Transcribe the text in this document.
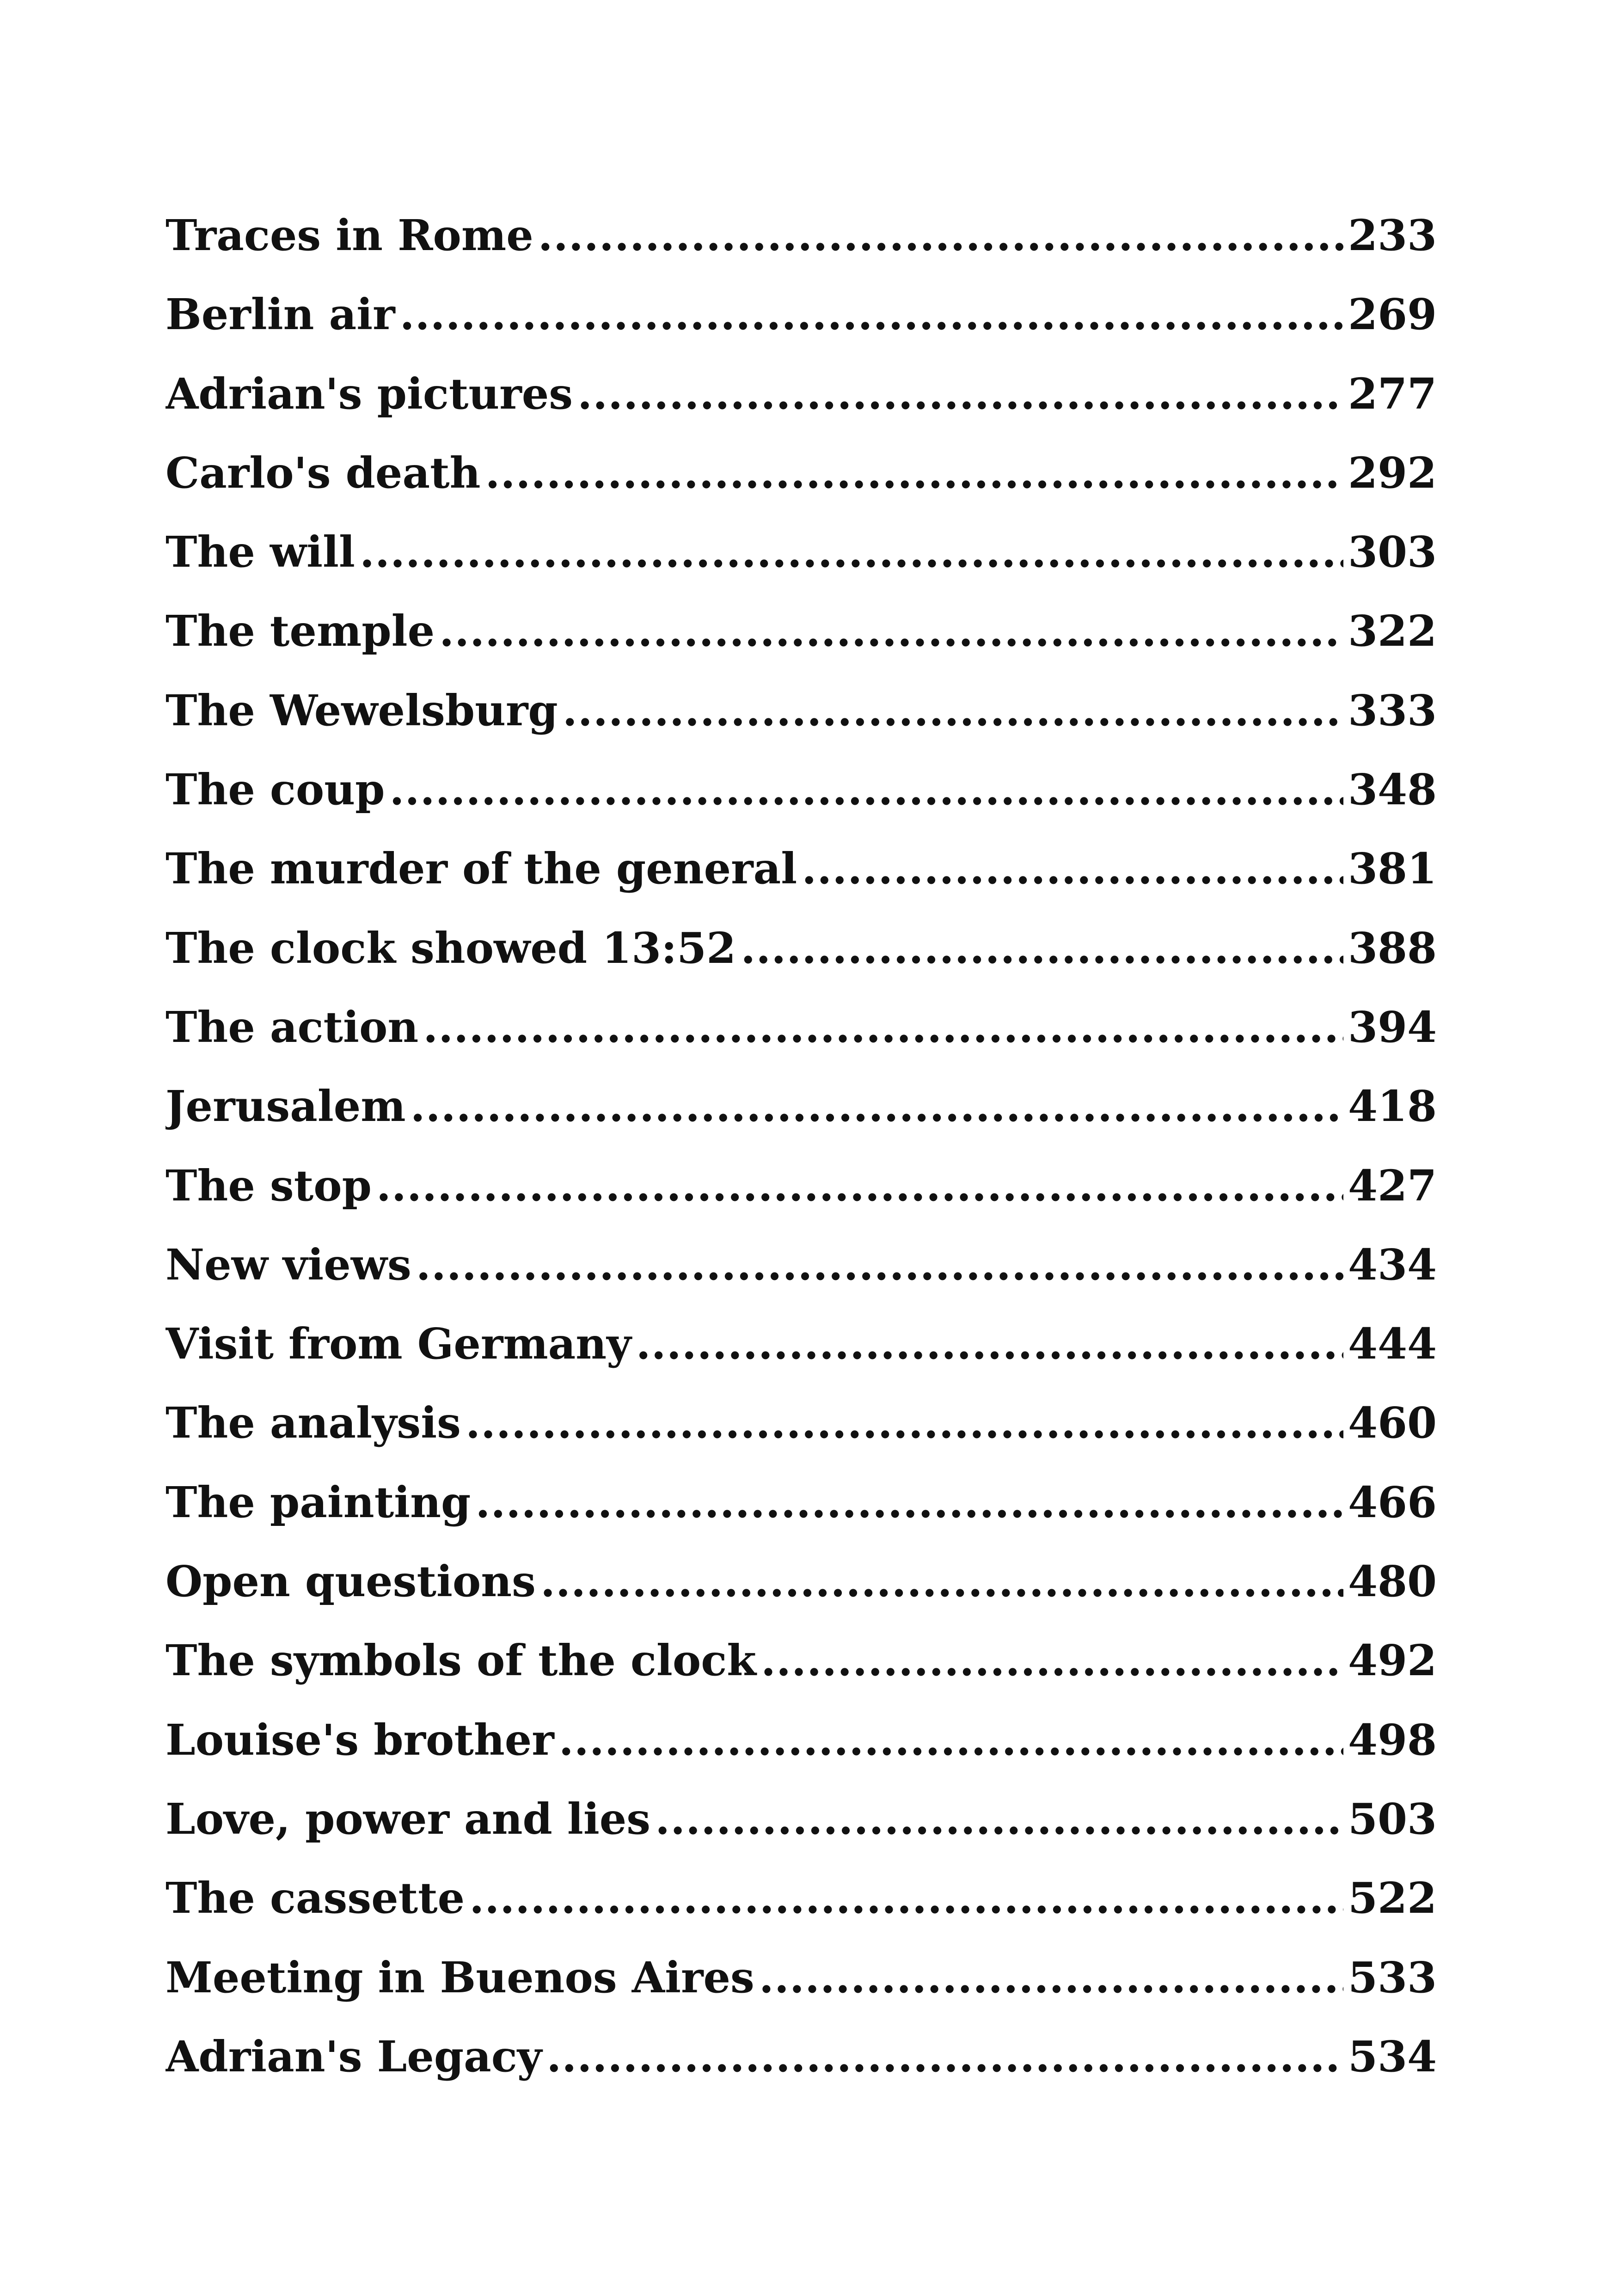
Traces in Rome .....	233
Berlin air .....	269
Adrian's pictures .....	277
Carlo's death .....	292
The will .....	303
The temple .....	322
The Wewelsburg .....	333
The coup .....	348
The murder of the general .....	381
The clock showed 13:52 .....	388
The action .....	394
Jerusalem .....	418
The stop .....	427
New views .....	434
Visit from Germany .....	444
The analysis .....	460
The painting .....	466
Open questions .....	480
The symbols of the clock .....	492
Louise's brother .....	498
Love, power and lies .....	503
The cassette .....	522
Meeting in Buenos Aires .....	533
Adrian's Legacy .....	534
